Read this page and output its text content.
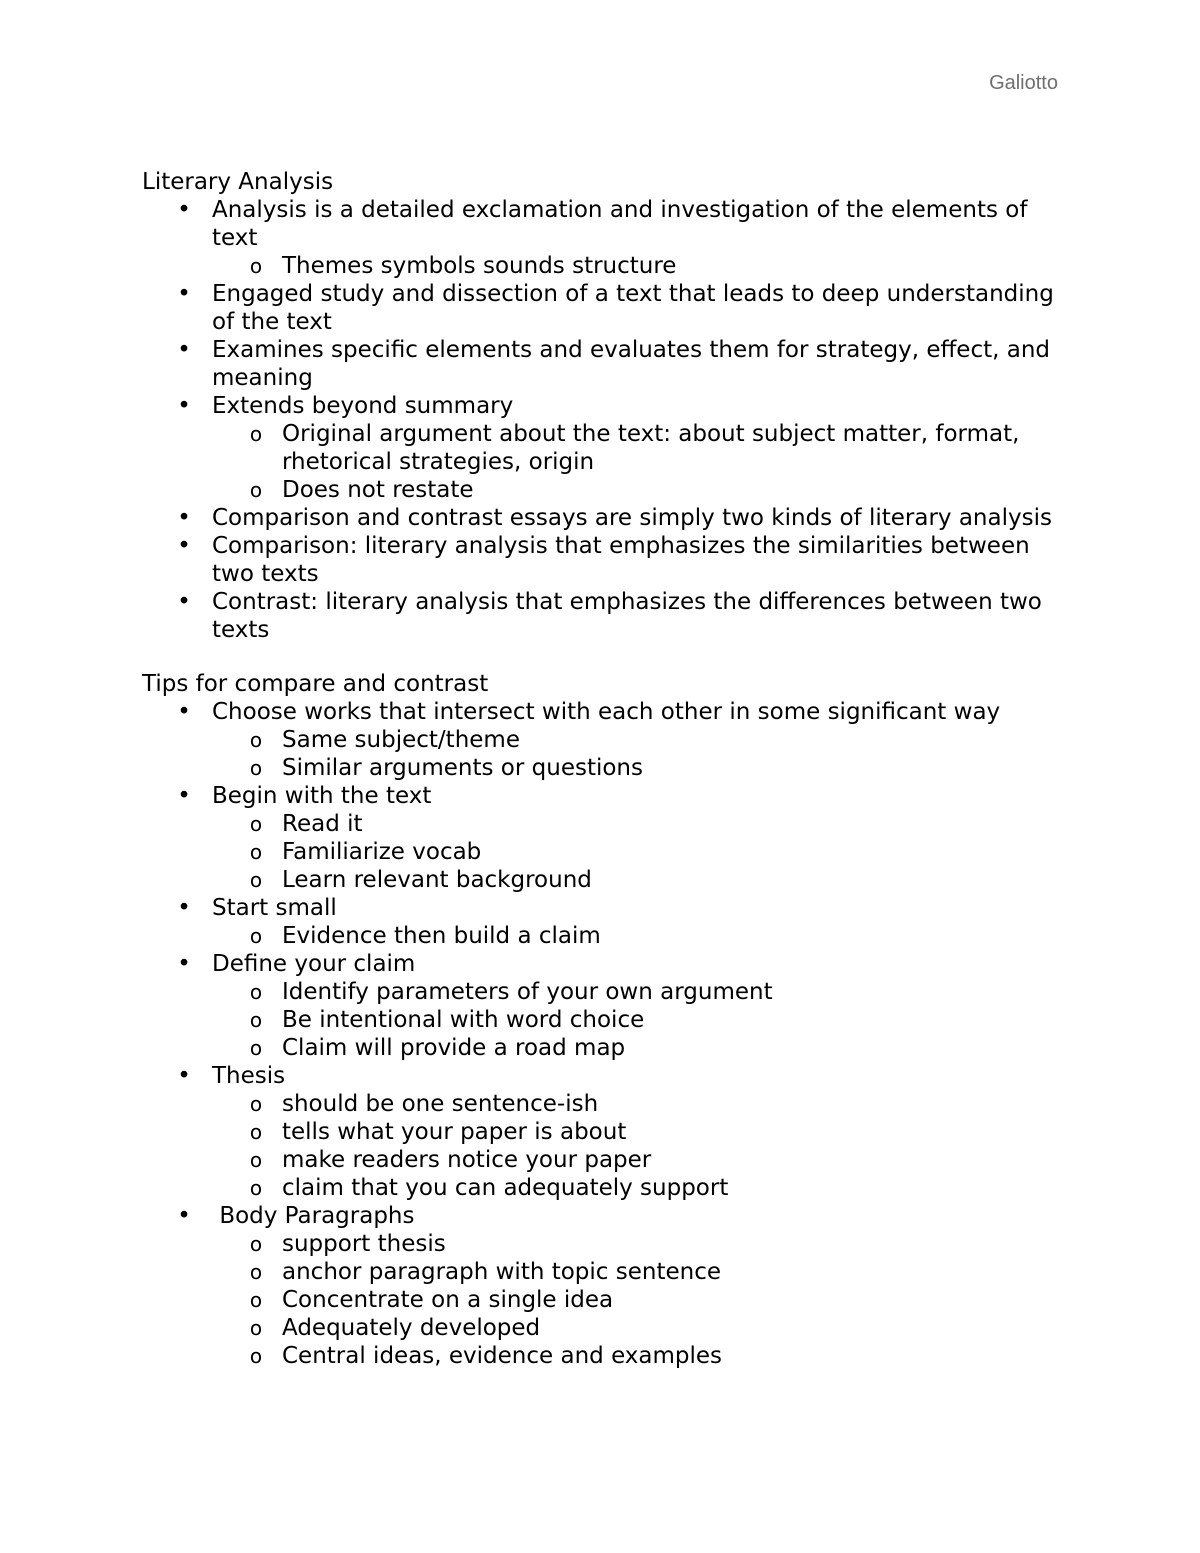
Galiotto
Literary Analysis
• Analysis is a detailed exclamation and investigation of the elements of text
o Themes symbols sounds structure
• Engaged study and dissection of a text that leads to deep understanding of the text
• Examines specific elements and evaluates them for strategy, effect, and meaning
• Extends beyond summary
o Original argument about the text: about subject matter, format, rhetorical strategies, origin
o Does not restate
• Comparison and contrast essays are simply two kinds of literary analysis
• Comparison: literary analysis that emphasizes the similarities between two texts
• Contrast: literary analysis that emphasizes the differences between two texts
Tips for compare and contrast
• Choose works that intersect with each other in some significant way
o Same subject/theme
o Similar arguments or questions
• Begin with the text
o Read it
o Familiarize vocab
o Learn relevant background
• Start small
o Evidence then build a claim
• Define your claim
o Identify parameters of your own argument
o Be intentional with word choice
o Claim will provide a road map
• Thesis
o should be one sentence-ish
o tells what your paper is about
o make readers notice your paper
o claim that you can adequately support
• Body Paragraphs
o support thesis
o anchor paragraph with topic sentence
o Concentrate on a single idea
o Adequately developed
o Central ideas, evidence and examples
